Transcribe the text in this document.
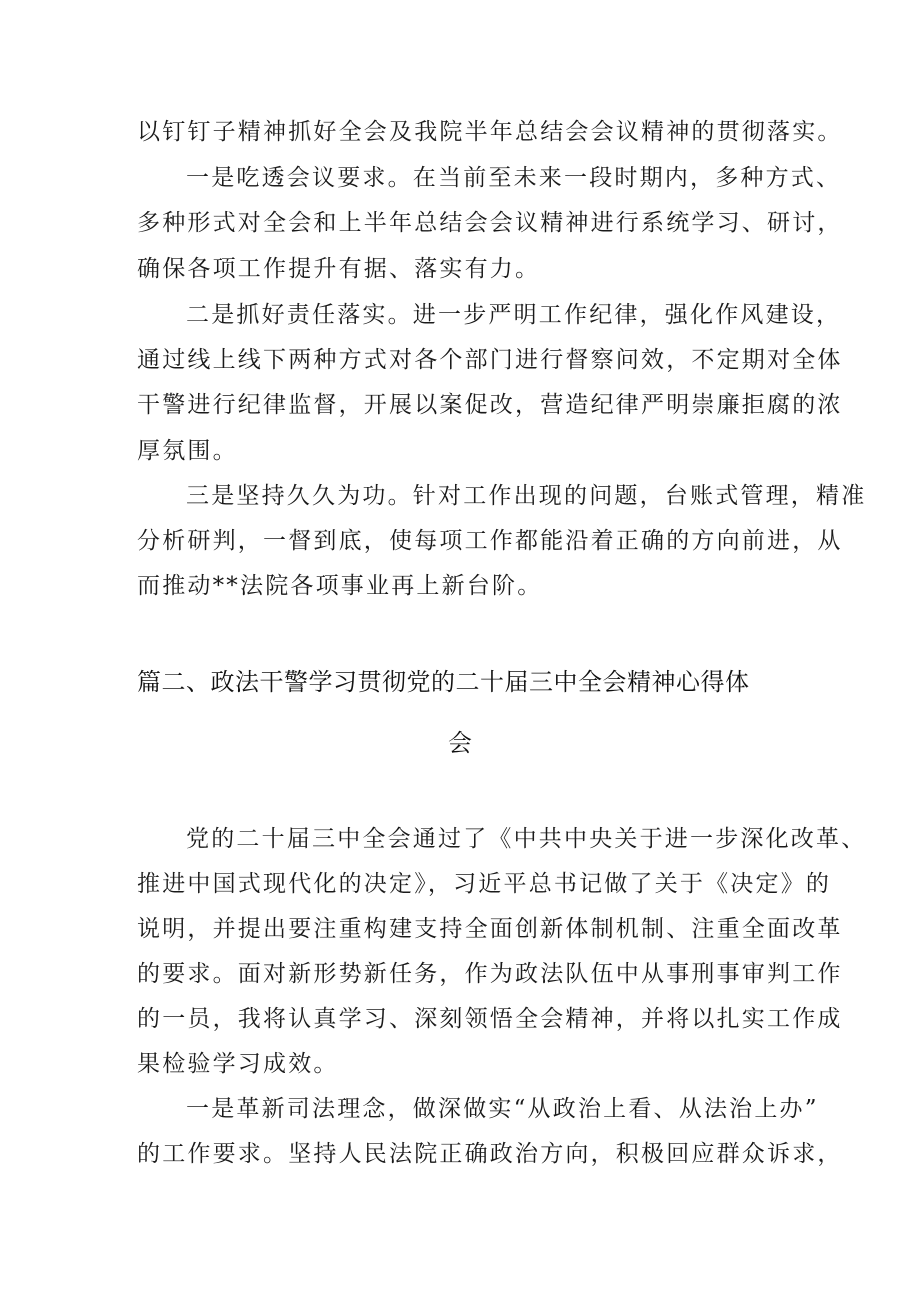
以钉钉子精神抓好全会及我院半年总结会会议精神的贯彻落实。
一是吃透会议要求。在当前至未来一段时期内，多种方式、
多种形式对全会和上半年总结会会议精神进行系统学习、研讨，
确保各项工作提升有据、落实有力。
二是抓好责任落实。进一步严明工作纪律，强化作风建设，
通过线上线下两种方式对各个部门进行督察问效，不定期对全体
干警进行纪律监督，开展以案促改，营造纪律严明崇廉拒腐的浓
厚氛围。
三是坚持久久为功。针对工作出现的问题，台账式管理，精准
分析研判，一督到底，使每项工作都能沿着正确的方向前进，从
而推动**法院各项事业再上新台阶。
篇二、政法干警学习贯彻党的二十届三中全会精神心得体
会
党的二十届三中全会通过了《中共中央关于进一步深化改革、
推进中国式现代化的决定》，习近平总书记做了关于《决定》的
说明，并提出要注重构建支持全面创新体制机制、注重全面改革
的要求。面对新形势新任务，作为政法队伍中从事刑事审判工作
的一员，我将认真学习、深刻领悟全会精神，并将以扎实工作成
果检验学习成效。
一是革新司法理念，做深做实“从政治上看、从法治上办”
的工作要求。坚持人民法院正确政治方向，积极回应群众诉求，
